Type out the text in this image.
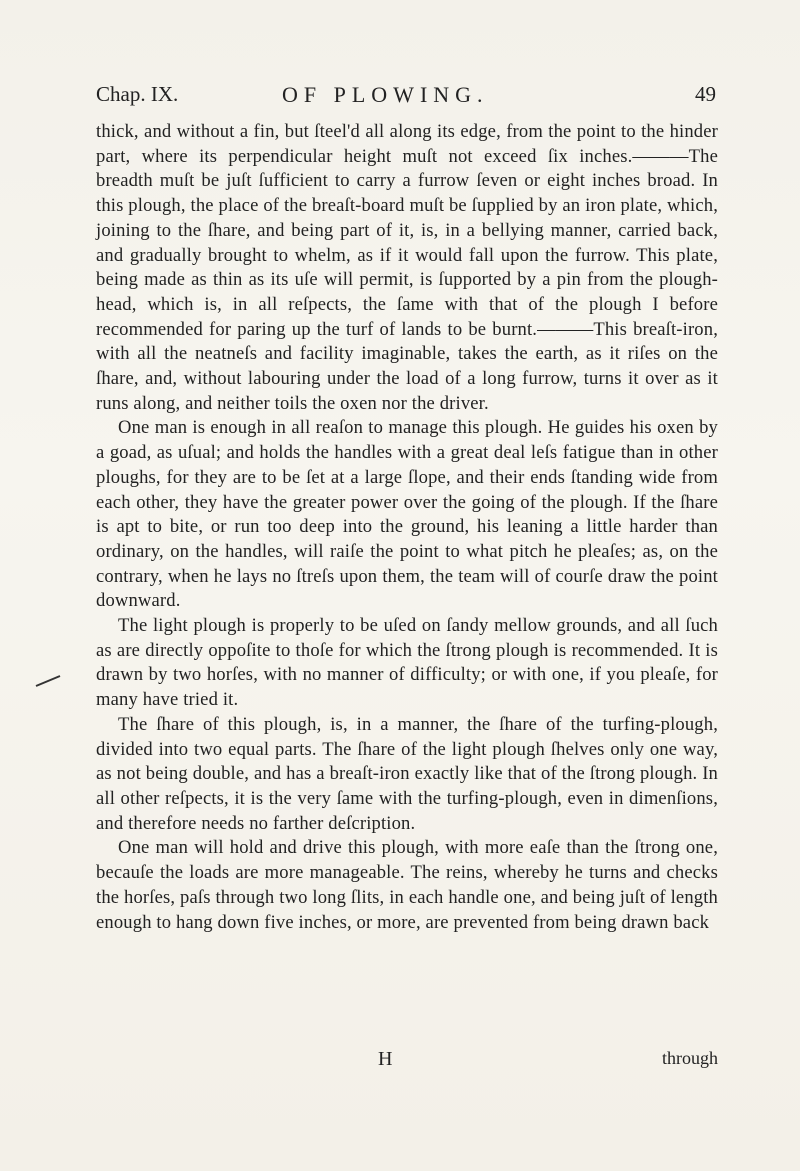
Chap. IX.	OF PLOWING.	49

thick, and without a fin, but ſteel'd all along its edge, from the point to the hinder part, where its perpendicular height muſt not exceed ſix inches.———The breadth muſt be juſt ſufficient to carry a furrow ſeven or eight inches broad. In this plough, the place of the breaſt-board muſt be ſupplied by an iron plate, which, joining to the ſhare, and being part of it, is, in a bellying manner, carried back, and gradually brought to whelm, as if it would fall upon the furrow. This plate, being made as thin as its uſe will permit, is ſupported by a pin from the plough-head, which is, in all reſpects, the ſame with that of the plough I before recommended for paring up the turf of lands to be burnt.———This breaſt-iron, with all the neatneſs and facility imaginable, takes the earth, as it riſes on the ſhare, and, without labouring under the load of a long furrow, turns it over as it runs along, and neither toils the oxen nor the driver.

One man is enough in all reaſon to manage this plough. He guides his oxen by a goad, as uſual; and holds the handles with a great deal leſs fatigue than in other ploughs, for they are to be ſet at a large ſlope, and their ends ſtanding wide from each other, they have the greater power over the going of the plough. If the ſhare is apt to bite, or run too deep into the ground, his leaning a little harder than ordinary, on the handles, will raiſe the point to what pitch he pleaſes; as, on the contrary, when he lays no ſtreſs upon them, the team will of courſe draw the point downward.

The light plough is properly to be uſed on ſandy mellow grounds, and all ſuch as are directly oppoſite to thoſe for which the ſtrong plough is recommended. It is drawn by two horſes, with no manner of difficulty; or with one, if you pleaſe, for many have tried it.

The ſhare of this plough, is, in a manner, the ſhare of the turfing-plough, divided into two equal parts. The ſhare of the light plough ſhelves only one way, as not being double, and has a breaſt-iron exactly like that of the ſtrong plough. In all other reſpects, it is the very ſame with the turfing-plough, even in dimenſions, and therefore needs no farther deſcription.

One man will hold and drive this plough, with more eaſe than the ſtrong one, becauſe the loads are more manageable. The reins, whereby he turns and checks the horſes, paſs through two long ſlits, in each handle one, and being juſt of length enough to hang down five inches, or more, are prevented from being drawn back

H	through
